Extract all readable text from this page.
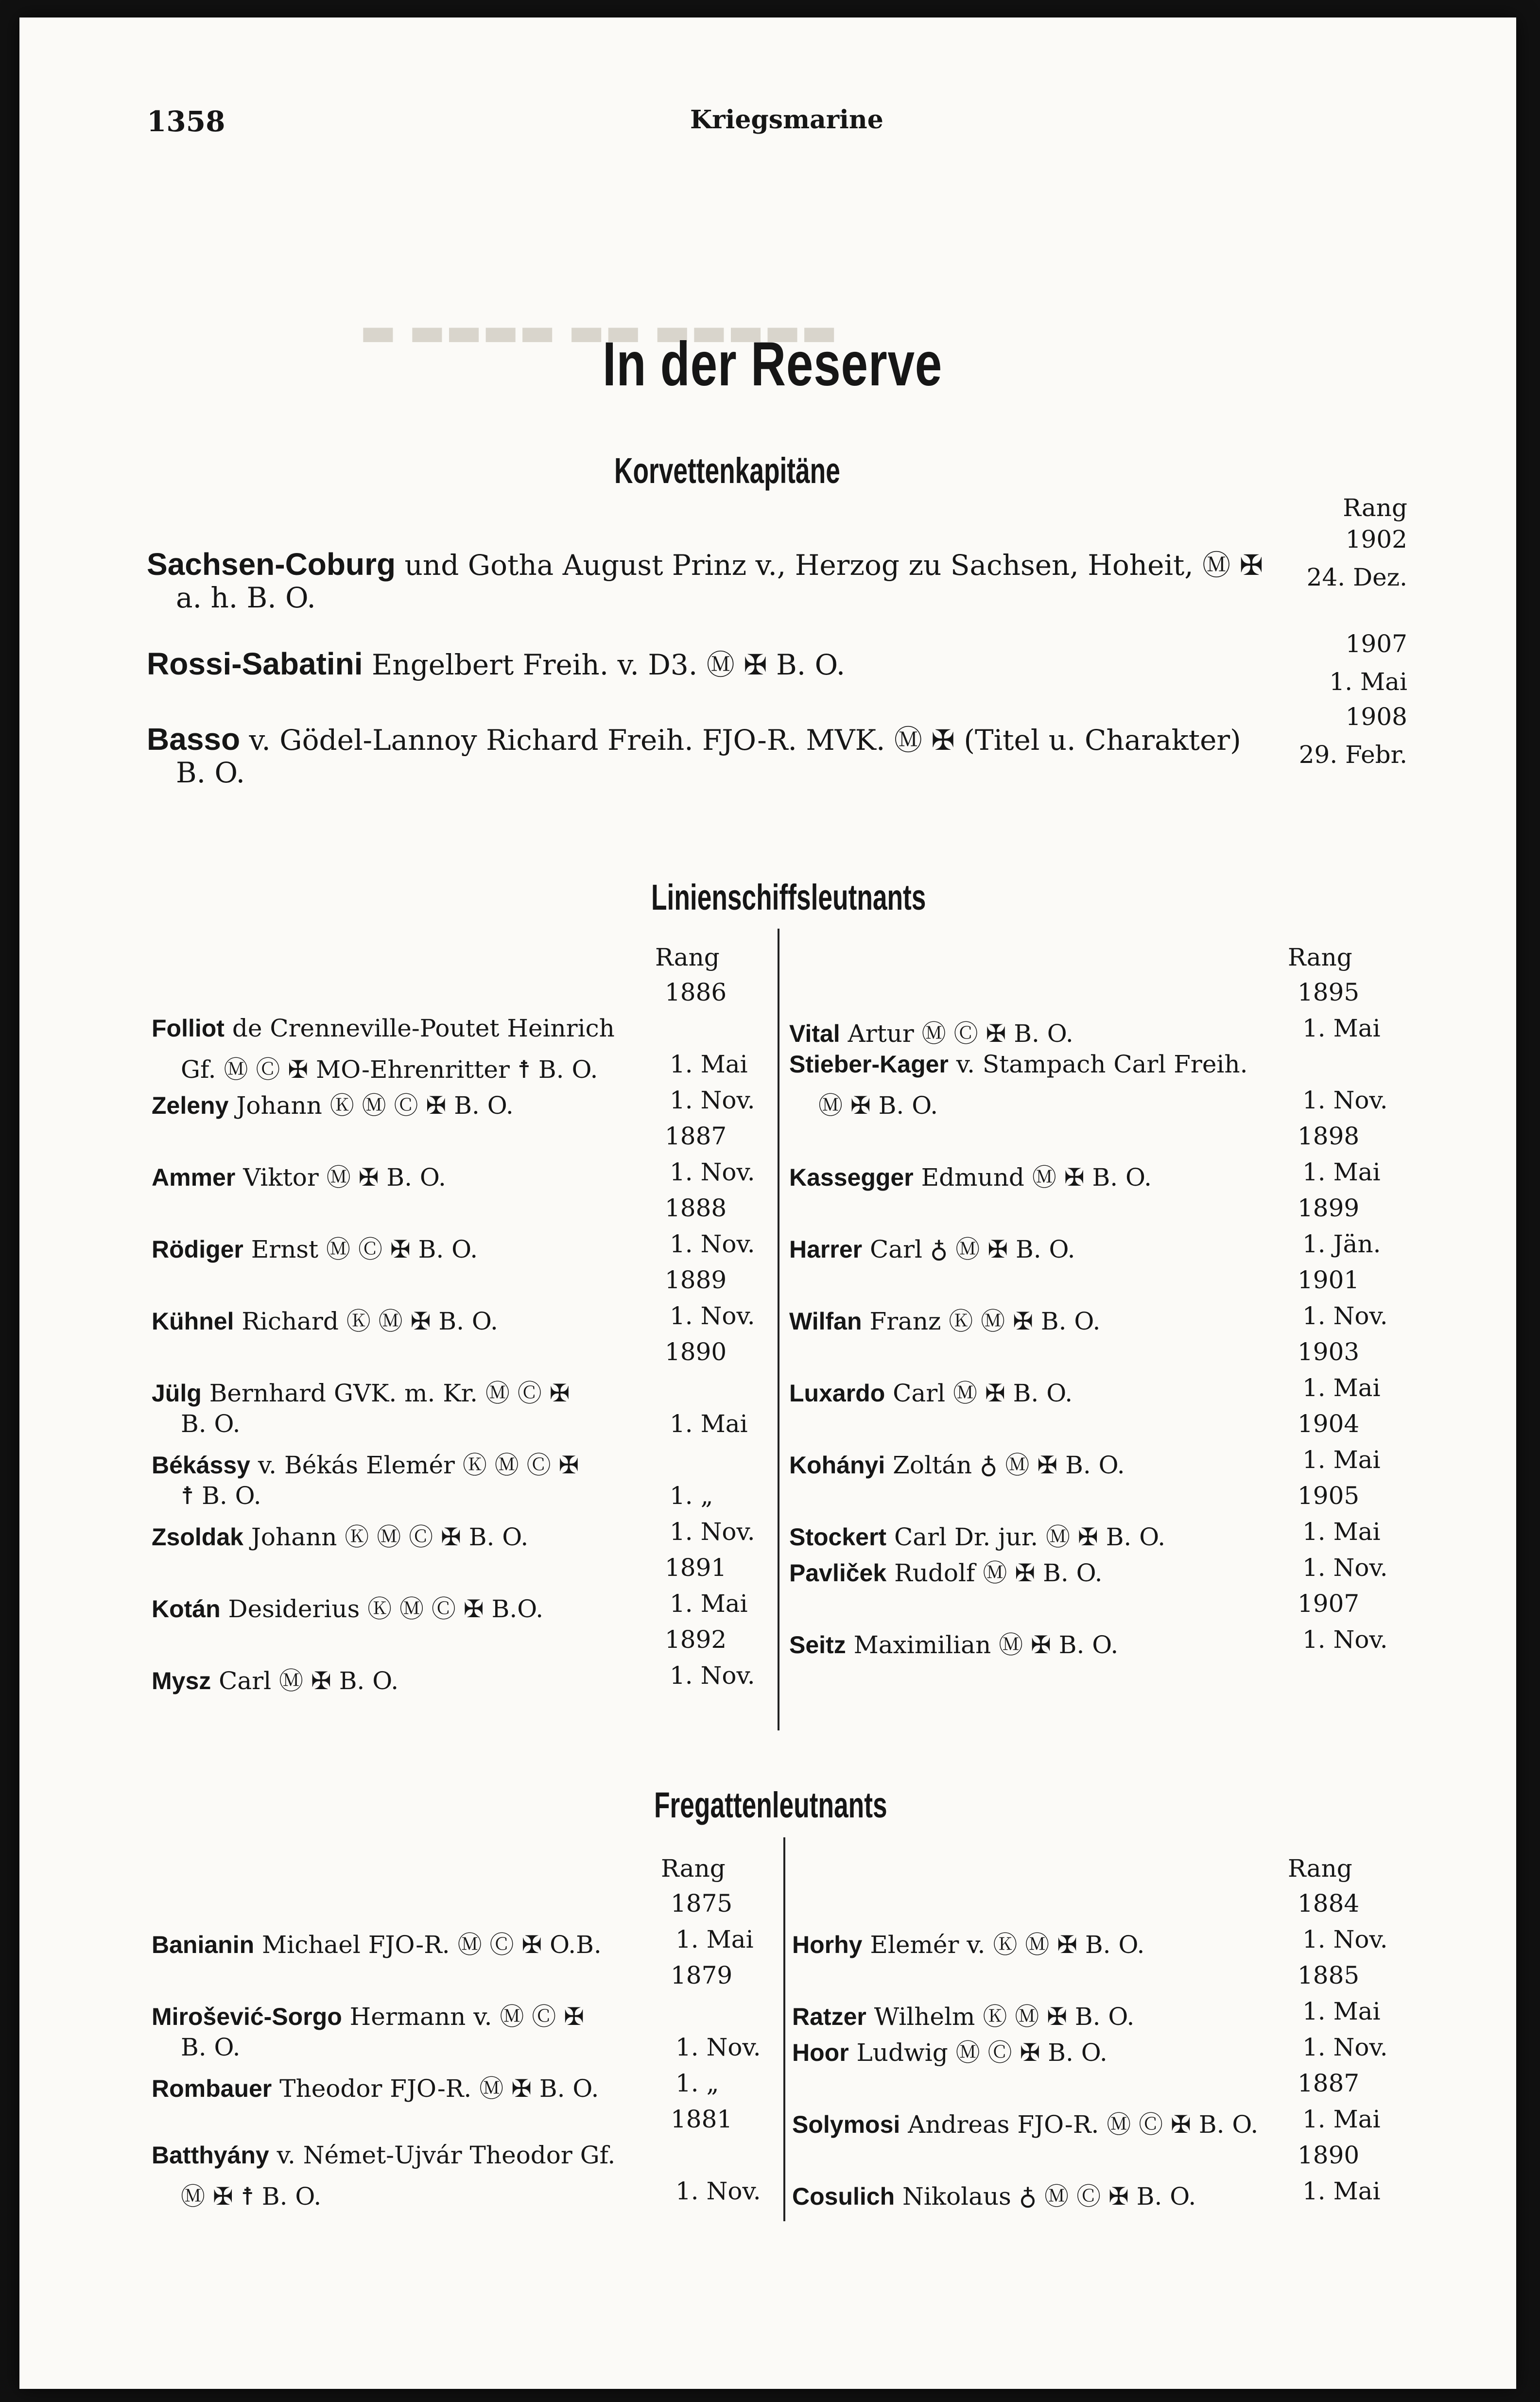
▬ ▬▬▬▬ ▬▬ ▬▬▬▬▬
1358	Kriegsmarine
In der Reserve
Korvettenkapitäne
Rang
Sachsen-Coburg und Gotha August Prinz v., Herzog zu Sachsen, Hoheit, Ⓜ ✠
a. h. B. O.
1902
24. Dez.
Rossi-Sabatini Engelbert Freih. v. D3. Ⓜ ✠ B. O.
1907
1. Mai
Basso v. Gödel-Lannoy Richard Freih. FJO-R. MVK. Ⓜ ✠ (Titel u. Charakter)
B. O.
1908
29. Febr.
Linienschiffsleutnants
Rang	Rang
1886
Folliot de Crenneville-Poutet Heinrich
Gf. Ⓜ Ⓒ ✠ MO-Ehrenritter ☨ B. O.	1. Mai
Zeleny Johann Ⓚ Ⓜ Ⓒ ✠ B. O.	1. Nov.
1887
Ammer Viktor Ⓜ ✠ B. O.	1. Nov.
1888
Rödiger Ernst Ⓜ Ⓒ ✠ B. O.	1. Nov.
1889
Kühnel Richard Ⓚ Ⓜ ✠ B. O.	1. Nov.
1890
Jülg Bernhard GVK. m. Kr. Ⓜ Ⓒ ✠
B. O.	1. Mai
Békássy v. Békás Elemér Ⓚ Ⓜ Ⓒ ✠
☨ B. O.	1. „
Zsoldak Johann Ⓚ Ⓜ Ⓒ ✠ B. O.	1. Nov.
1891
Kotán Desiderius Ⓚ Ⓜ Ⓒ ✠ B.O.	1. Mai
1892
Mysz Carl Ⓜ ✠ B. O.	1. Nov.
1895
Vital Artur Ⓜ Ⓒ ✠ B. O.	1. Mai
Stieber-Kager v. Stampach Carl Freih.
Ⓜ ✠ B. O.	1. Nov.
1898
Kassegger Edmund Ⓜ ✠ B. O.	1. Mai
1899
Harrer Carl ♁ Ⓜ ✠ B. O.	1. Jän.
1901
Wilfan Franz Ⓚ Ⓜ ✠ B. O.	1. Nov.
1903
Luxardo Carl Ⓜ ✠ B. O.	1. Mai
1904
Kohányi Zoltán ♁ Ⓜ ✠ B. O.	1. Mai
1905
Stockert Carl Dr. jur. Ⓜ ✠ B. O.	1. Mai
Pavliček Rudolf Ⓜ ✠ B. O.	1. Nov.
1907
Seitz Maximilian Ⓜ ✠ B. O.	1. Nov.
Fregattenleutnants
Rang	Rang
1875
Banianin Michael FJO-R. Ⓜ Ⓒ ✠ O.B.	1. Mai
1879
Mirošević-Sorgo Hermann v. Ⓜ Ⓒ ✠
B. O.	1. Nov.
Rombauer Theodor FJO-R. Ⓜ ✠ B. O.	1. „
1881
Batthyány v. Német-Ujvár Theodor Gf.
Ⓜ ✠ ☨ B. O.	1. Nov.
1884
Horhy Elemér v. Ⓚ Ⓜ ✠ B. O.	1. Nov.
1885
Ratzer Wilhelm Ⓚ Ⓜ ✠ B. O.	1. Mai
Hoor Ludwig Ⓜ Ⓒ ✠ B. O.	1. Nov.
1887
Solymosi Andreas FJO-R. Ⓜ Ⓒ ✠ B. O. 1. Mai
1890
Cosulich Nikolaus ♁ Ⓜ Ⓒ ✠ B. O.	1. Mai
